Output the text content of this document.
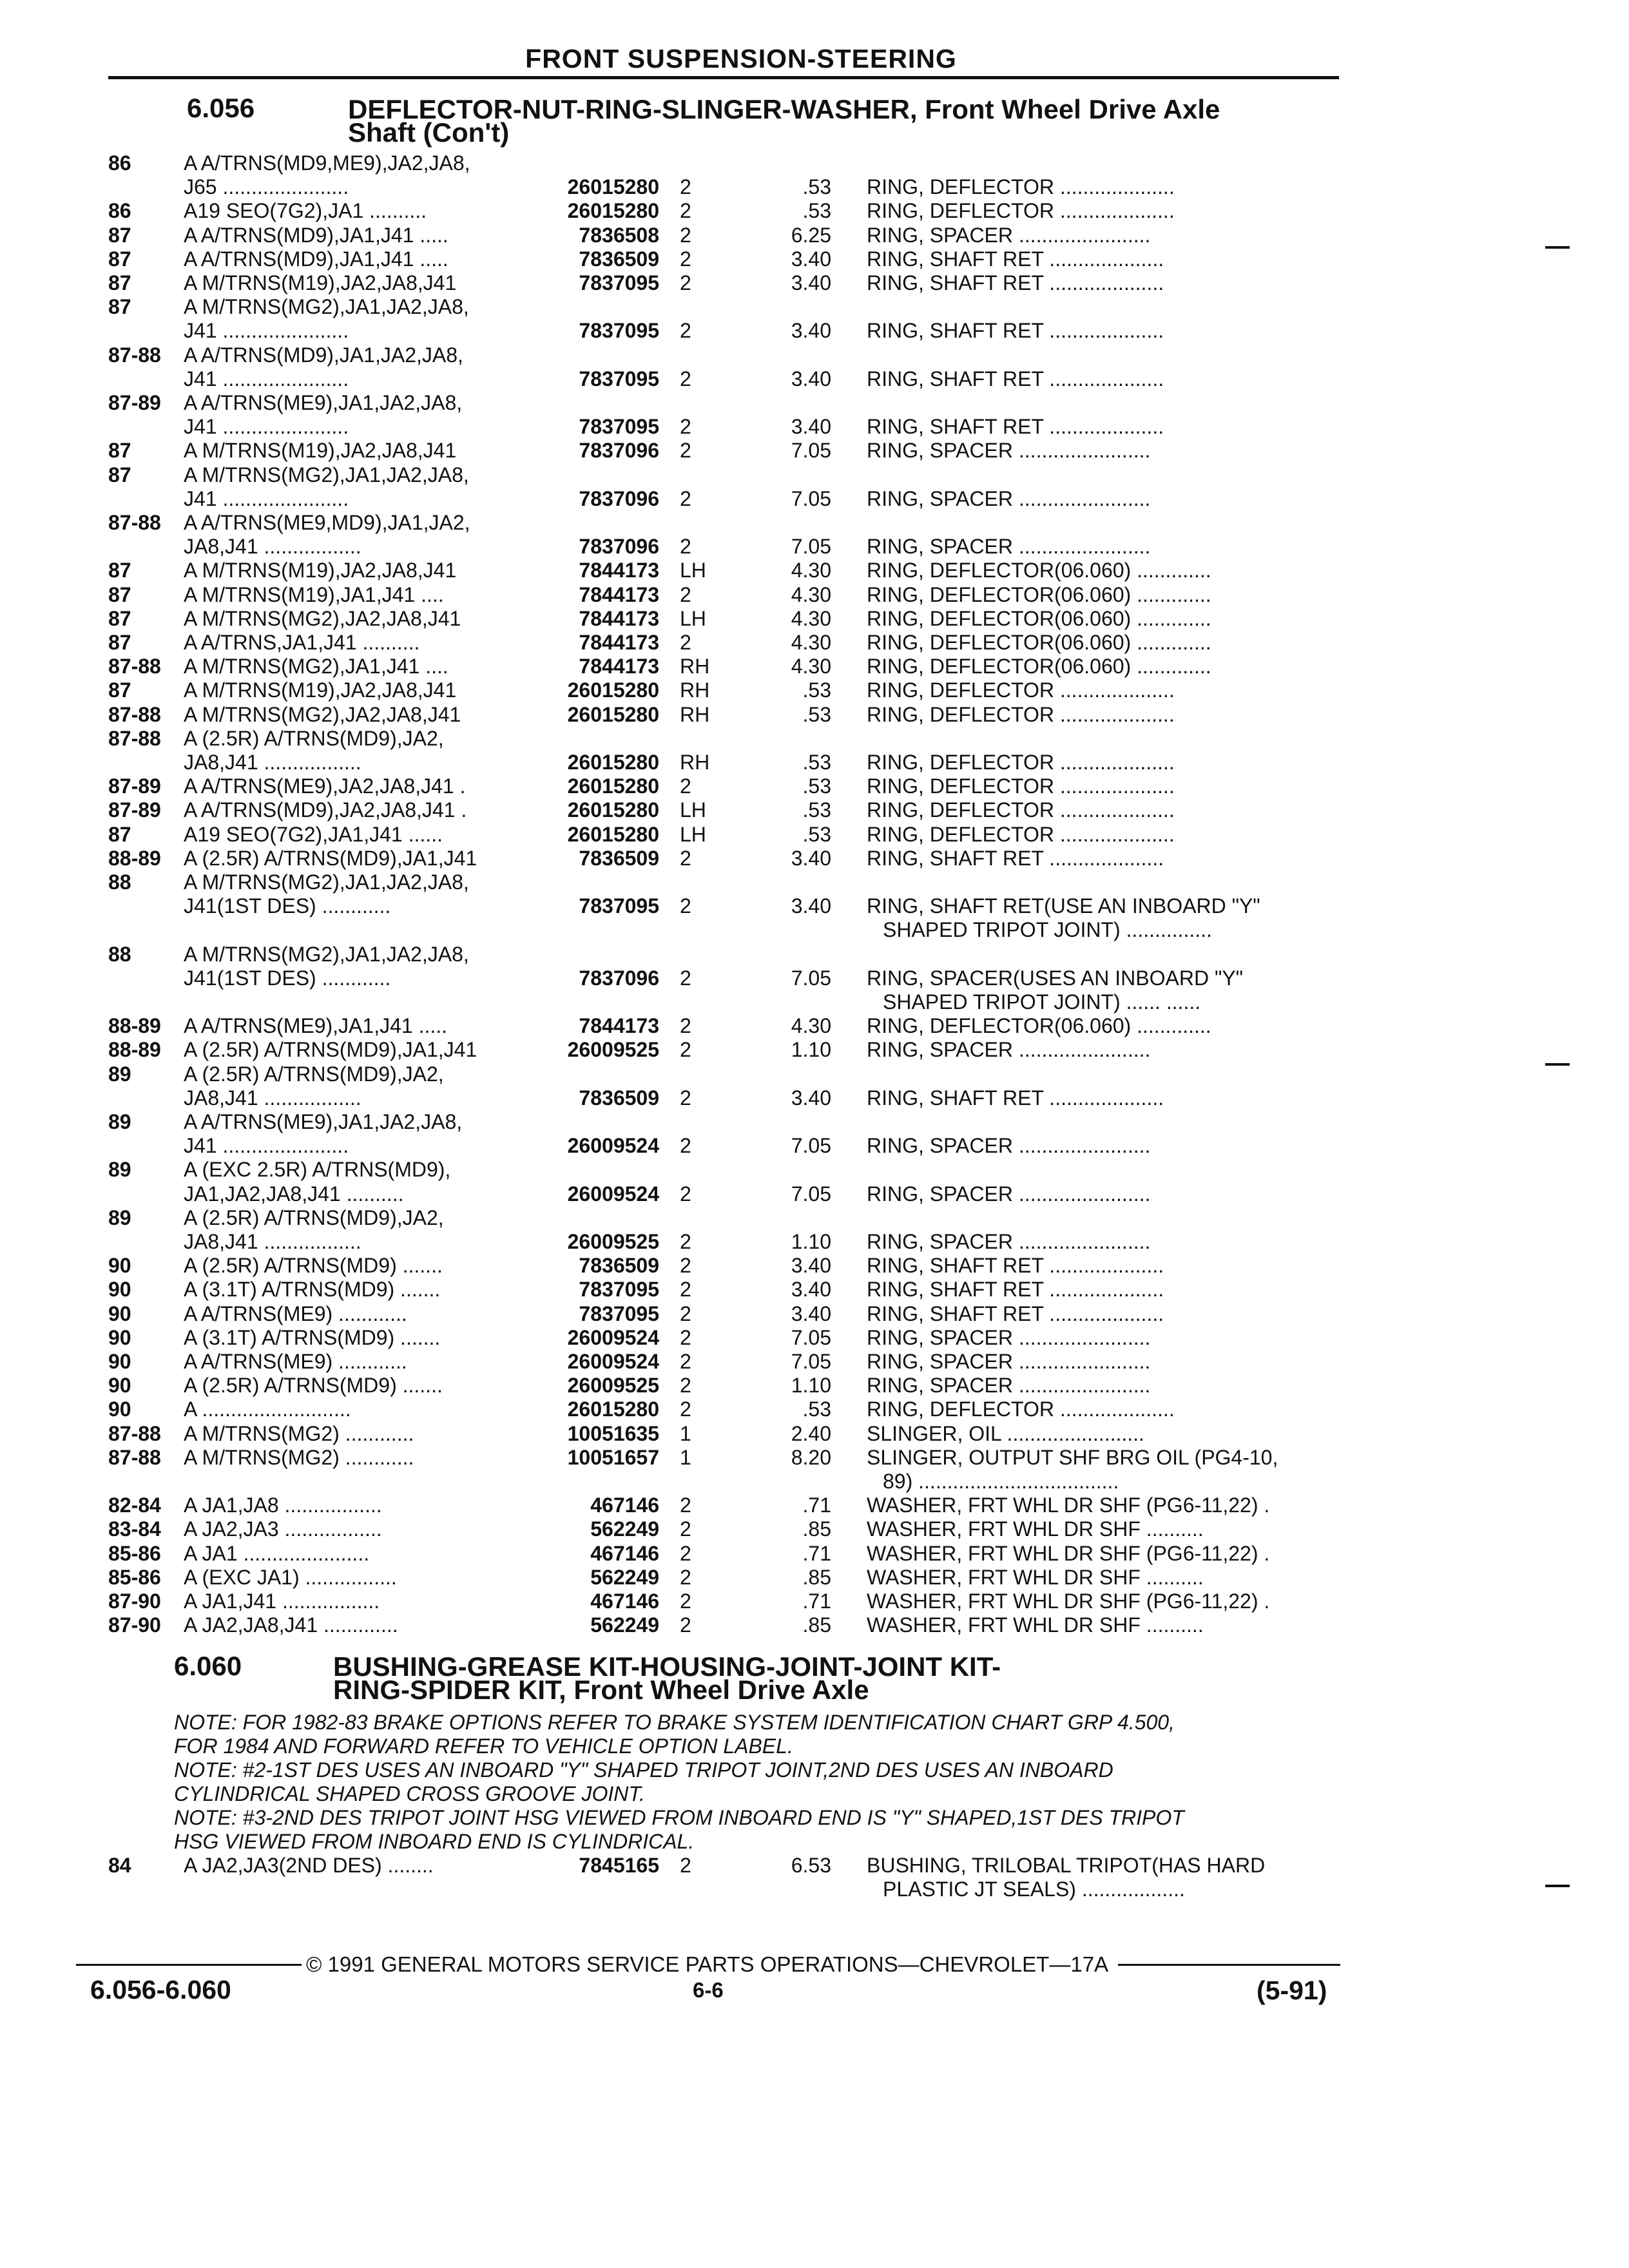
FRONT SUSPENSION-STEERING
6.056	DEFLECTOR-NUT-RING-SLINGER-WASHER, Front Wheel Drive Axle
Shaft (Con't)
86	A A/TRNS(MD9,ME9),JA2,JA8,
J65 ......................	26015280 2	.53 RING, DEFLECTOR ....................
86	A19 SEO(7G2),JA1 ..........	26015280 2	.53 RING, DEFLECTOR ....................
87	A A/TRNS(MD9),JA1,J41 .....	7836508 2	6.25 RING, SPACER .......................
87	A A/TRNS(MD9),JA1,J41 .....	7836509 2	3.40 RING, SHAFT RET ....................
87	A M/TRNS(M19),JA2,JA8,J41	7837095 2	3.40 RING, SHAFT RET ....................
87	A M/TRNS(MG2),JA1,JA2,JA8,
J41 ......................	7837095 2	3.40 RING, SHAFT RET ....................
87-88 A A/TRNS(MD9),JA1,JA2,JA8,
J41 ......................	7837095 2	3.40 RING, SHAFT RET ....................
87-89 A A/TRNS(ME9),JA1,JA2,JA8,
J41 ......................	7837095 2	3.40 RING, SHAFT RET ....................
87	A M/TRNS(M19),JA2,JA8,J41	7837096 2	7.05 RING, SPACER .......................
87	A M/TRNS(MG2),JA1,JA2,JA8,
J41 ......................	7837096 2	7.05 RING, SPACER .......................
87-88 A A/TRNS(ME9,MD9),JA1,JA2,
JA8,J41 .................	7837096 2	7.05 RING, SPACER .......................
87	A M/TRNS(M19),JA2,JA8,J41	7844173 LH	4.30 RING, DEFLECTOR(06.060) .............
87	A M/TRNS(M19),JA1,J41 ....	7844173 2	4.30 RING, DEFLECTOR(06.060) .............
87	A M/TRNS(MG2),JA2,JA8,J41	7844173 LH	4.30 RING, DEFLECTOR(06.060) .............
87	A A/TRNS,JA1,J41 ..........	7844173 2	4.30 RING, DEFLECTOR(06.060) .............
87-88 A M/TRNS(MG2),JA1,J41 ....	7844173 RH	4.30 RING, DEFLECTOR(06.060) .............
87	A M/TRNS(M19),JA2,JA8,J41	26015280 RH	.53 RING, DEFLECTOR ....................
87-88 A M/TRNS(MG2),JA2,JA8,J41	26015280 RH	.53 RING, DEFLECTOR ....................
87-88 A (2.5R) A/TRNS(MD9),JA2,
JA8,J41 .................	26015280 RH	.53 RING, DEFLECTOR ....................
87-89 A A/TRNS(ME9),JA2,JA8,J41 .	26015280 2	.53 RING, DEFLECTOR ....................
87-89 A A/TRNS(MD9),JA2,JA8,J41 .	26015280 LH	.53 RING, DEFLECTOR ....................
87	A19 SEO(7G2),JA1,J41 ......	26015280 LH	.53 RING, DEFLECTOR ....................
88-89 A (2.5R) A/TRNS(MD9),JA1,J41	7836509 2	3.40 RING, SHAFT RET ....................
88	A M/TRNS(MG2),JA1,JA2,JA8,
J41(1ST DES) ............	7837095 2	3.40 RING, SHAFT RET(USE AN INBOARD "Y"
SHAPED TRIPOT JOINT) ...............
88	A M/TRNS(MG2),JA1,JA2,JA8,
J41(1ST DES) ............	7837096 2	7.05 RING, SPACER(USES AN INBOARD "Y"
SHAPED TRIPOT JOINT) ...... ......
88-89 A A/TRNS(ME9),JA1,J41 .....	7844173 2	4.30 RING, DEFLECTOR(06.060) .............
88-89 A (2.5R) A/TRNS(MD9),JA1,J41	26009525 2	1.10 RING, SPACER .......................
89	A (2.5R) A/TRNS(MD9),JA2,
JA8,J41 .................	7836509 2	3.40 RING, SHAFT RET ....................
89	A A/TRNS(ME9),JA1,JA2,JA8,
J41 ......................	26009524 2	7.05 RING, SPACER .......................
89	A (EXC 2.5R) A/TRNS(MD9),
JA1,JA2,JA8,J41 ..........	26009524 2	7.05 RING, SPACER .......................
89	A (2.5R) A/TRNS(MD9),JA2,
JA8,J41 .................	26009525 2	1.10 RING, SPACER .......................
90	A (2.5R) A/TRNS(MD9) .......	7836509 2	3.40 RING, SHAFT RET ....................
90	A (3.1T) A/TRNS(MD9) .......	7837095 2	3.40 RING, SHAFT RET ....................
90	A A/TRNS(ME9) ............	7837095 2	3.40 RING, SHAFT RET ....................
90	A (3.1T) A/TRNS(MD9) .......	26009524 2	7.05 RING, SPACER .......................
90	A A/TRNS(ME9) ............	26009524 2	7.05 RING, SPACER .......................
90	A (2.5R) A/TRNS(MD9) .......	26009525 2	1.10 RING, SPACER .......................
90	A ..........................	26015280 2	.53 RING, DEFLECTOR ....................
87-88 A M/TRNS(MG2) ............	10051635 1	2.40 SLINGER, OIL ........................
87-88 A M/TRNS(MG2) ............	10051657 1	8.20 SLINGER, OUTPUT SHF BRG OIL (PG4-10,
89) ...................................
82-84 A JA1,JA8 .................	467146 2	.71 WASHER, FRT WHL DR SHF (PG6-11,22) .
83-84 A JA2,JA3 .................	562249 2	.85 WASHER, FRT WHL DR SHF ..........
85-86 A JA1 ......................	467146 2	.71 WASHER, FRT WHL DR SHF (PG6-11,22) .
85-86 A (EXC JA1) ................	562249 2	.85 WASHER, FRT WHL DR SHF ..........
87-90 A JA1,J41 .................	467146 2	.71 WASHER, FRT WHL DR SHF (PG6-11,22) .
87-90 A JA2,JA8,J41 .............	562249 2	.85 WASHER, FRT WHL DR SHF ..........
6.060	BUSHING-GREASE KIT-HOUSING-JOINT-JOINT KIT-
RING-SPIDER KIT, Front Wheel Drive Axle
NOTE: FOR 1982-83 BRAKE OPTIONS REFER TO BRAKE SYSTEM IDENTIFICATION CHART GRP 4.500,
FOR 1984 AND FORWARD REFER TO VEHICLE OPTION LABEL.
NOTE: #2-1ST DES USES AN INBOARD "Y" SHAPED TRIPOT JOINT,2ND DES USES AN INBOARD
CYLINDRICAL SHAPED CROSS GROOVE JOINT.
NOTE: #3-2ND DES TRIPOT JOINT HSG VIEWED FROM INBOARD END IS "Y" SHAPED,1ST DES TRIPOT
HSG VIEWED FROM INBOARD END IS CYLINDRICAL.
84	A JA2,JA3(2ND DES) ........	7845165 2	6.53 BUSHING, TRILOBAL TRIPOT(HAS HARD
PLASTIC JT SEALS) ..................
© 1991 GENERAL MOTORS SERVICE PARTS OPERATIONS—CHEVROLET—17A
6.056-6.060	6-6	(5-91)
